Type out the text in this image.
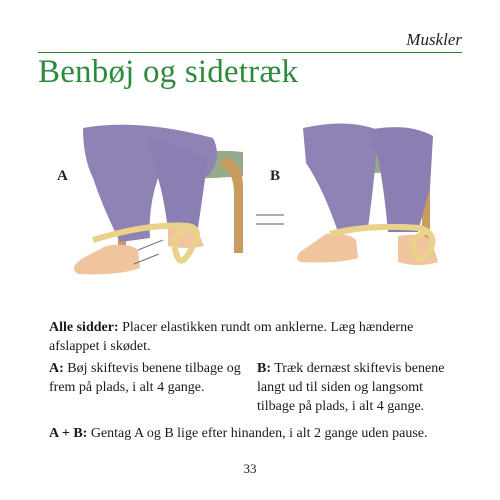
Muskler
Benbøj og sidetræk
A	B
Alle sidder: Placer elastikken rundt om anklerne. Læg hænderne afslappet i skødet.
A: Bøj skiftevis benene tilbage og frem på plads, i alt 4 gange.
B: Træk dernæst skiftevis benene langt ud til siden og langsomt tilbage på plads, i alt 4 gange.
A + B: Gentag A og B lige efter hinanden, i alt 2 gange uden pause.
33
